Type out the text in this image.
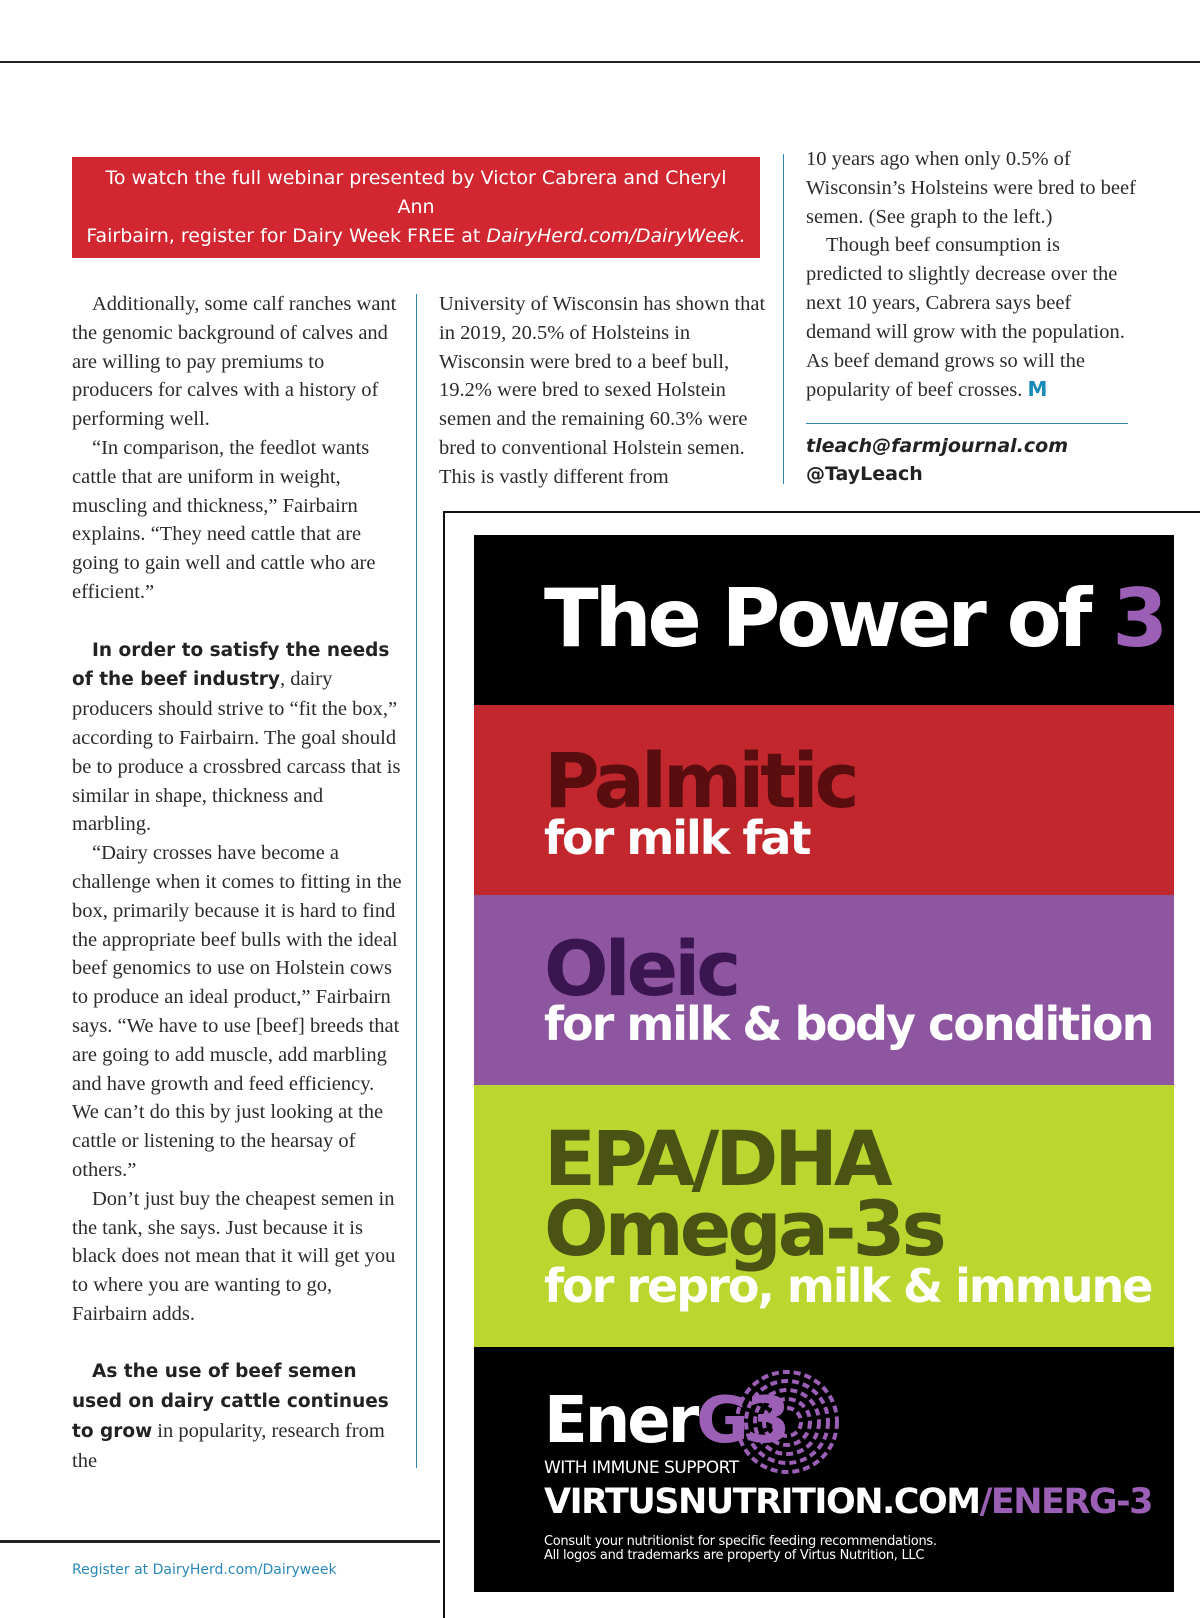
To watch the full webinar presented by Victor Cabrera and Cheryl Ann
Fairbairn, register for Dairy Week FREE at DairyHerd.com/DairyWeek.

Additionally, some calf ranches want the genomic background of calves and are willing to pay premiums to producers for calves with a history of performing well.

“In comparison, the feedlot wants cattle that are uniform in weight, muscling and thickness,” Fairbairn explains. “They need cattle that are going to gain well and cattle who are efficient.”

In order to satisfy the needs of the beef industry, dairy producers should strive to “fit the box,” according to Fairbairn. The goal should be to produce a crossbred carcass that is similar in shape, thickness and marbling.

“Dairy crosses have become a challenge when it comes to fitting in the box, primarily because it is hard to find the appropriate beef bulls with the ideal beef genomics to use on Holstein cows to produce an ideal product,” Fairbairn says. “We have to use [beef] breeds that are going to add muscle, add marbling and have growth and feed efficiency. We can’t do this by just looking at the cattle or listening to the hearsay of others.”

Don’t just buy the cheapest semen in the tank, she says. Just because it is black does not mean that it will get you to where you are wanting to go, Fairbairn adds.

As the use of beef semen used on dairy cattle continues to grow in popularity, research from the

University of Wisconsin has shown that in 2019, 20.5% of Holsteins in Wisconsin were bred to a beef bull, 19.2% were bred to sexed Holstein semen and the remaining 60.3% were bred to conventional Holstein semen. This is vastly different from

10 years ago when only 0.5% of Wisconsin’s Holsteins were bred to beef semen. (See graph to the left.)

Though beef consumption is predicted to slightly decrease over the next 10 years, Cabrera says beef demand will grow with the population. As beef demand grows so will the popularity of beef crosses. M

tleach@farmjournal.com
@TayLeach
Register at DairyHerd.com/Dairyweek
The Power of 3
Palmitic
for milk fat
Oleic
for milk & body condition
EPA/DHA
Omega-3s
for repro, milk & immune
EnerG3
WITH IMMUNE SUPPORT
VIRTUSNUTRITION.COM/ENERG-3
Consult your nutritionist for specific feeding recommendations.
All logos and trademarks are property of Virtus Nutrition, LLC
